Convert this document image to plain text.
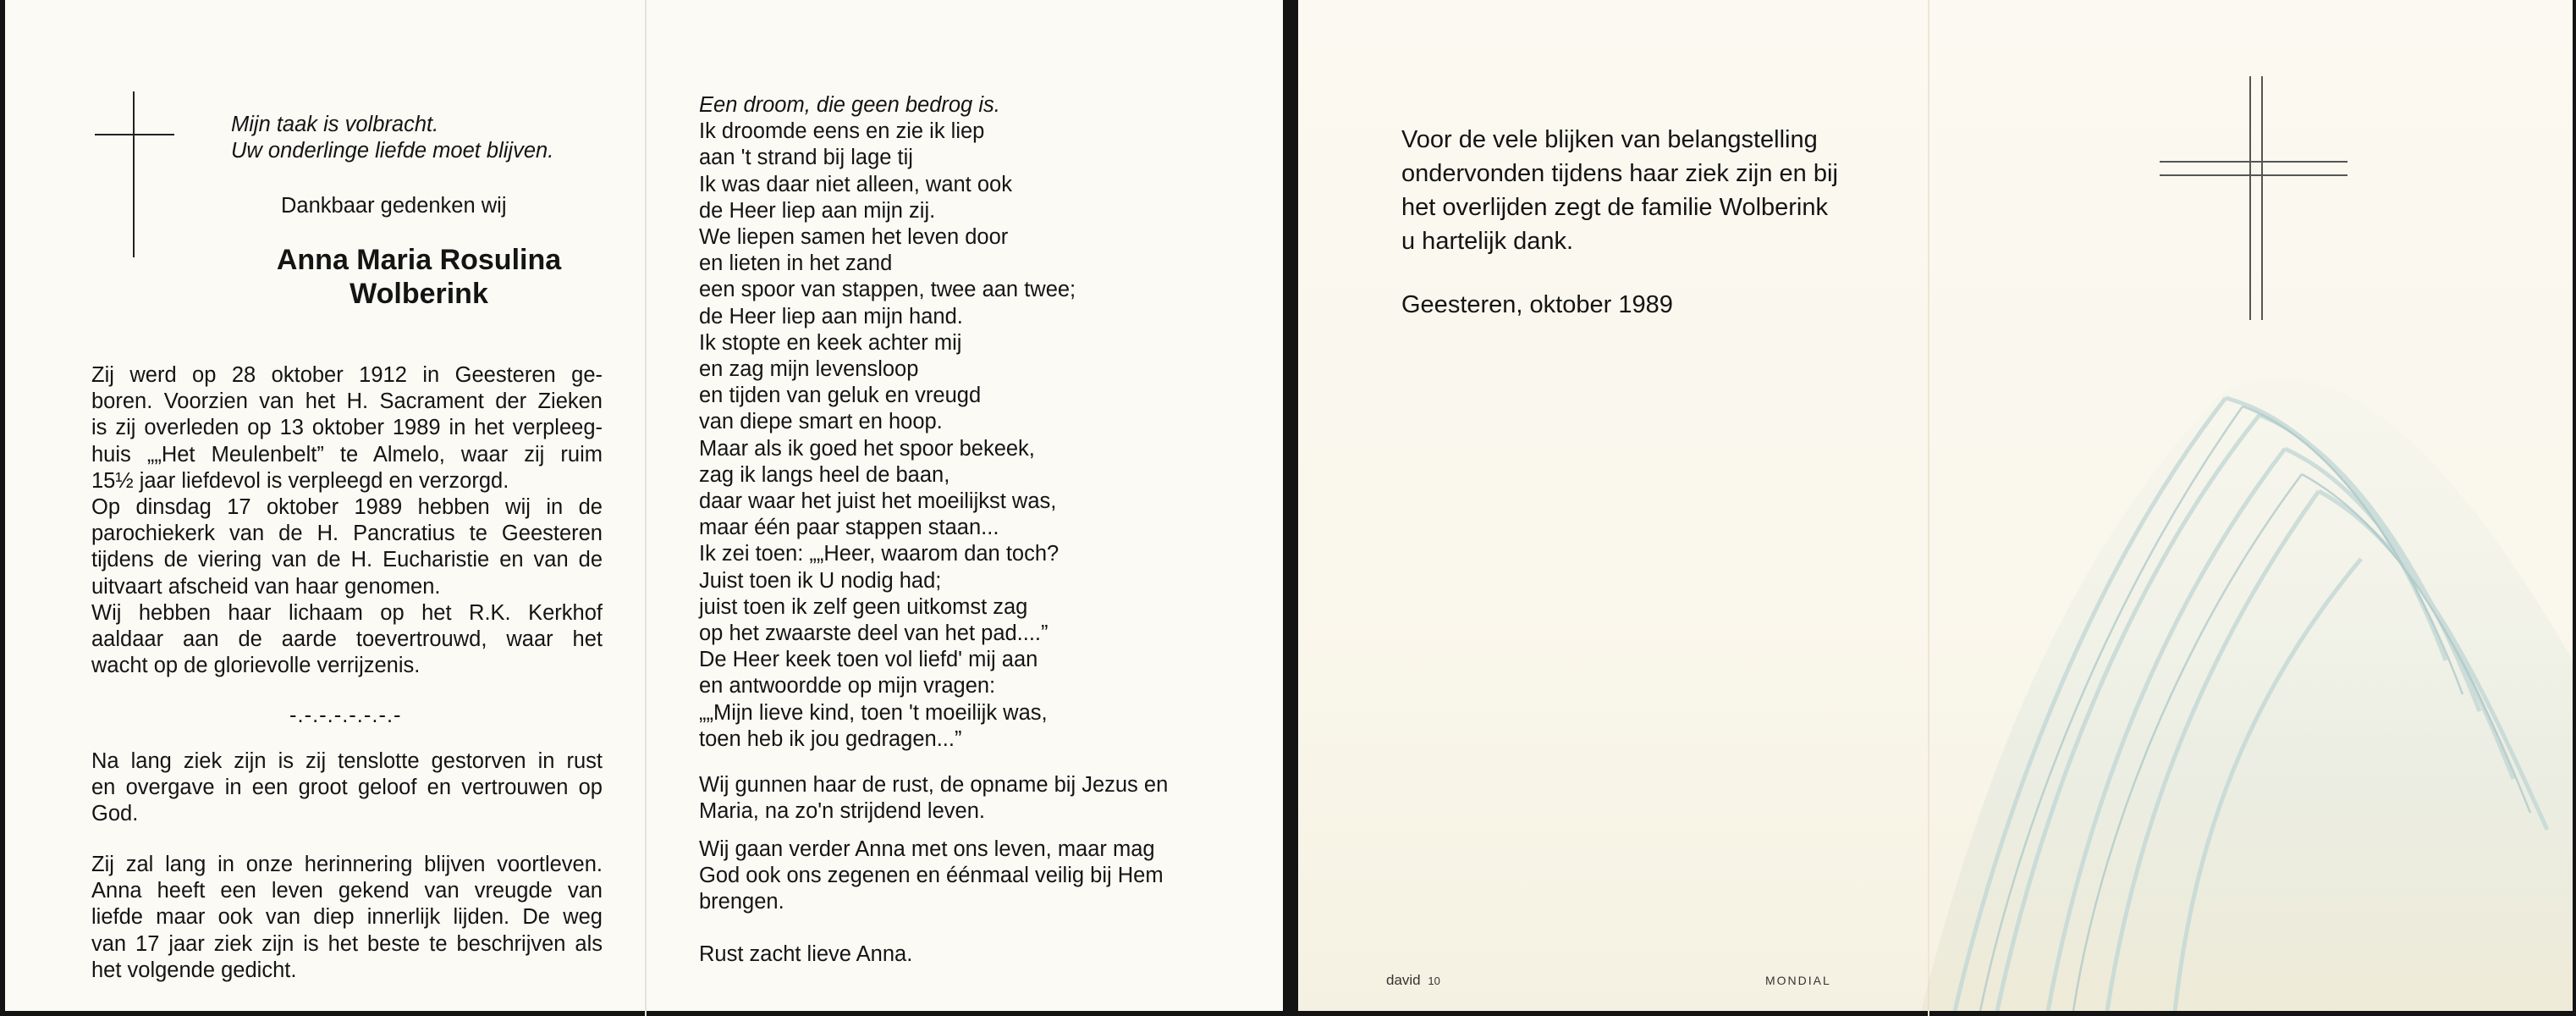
Mijn taak is volbracht.
Uw onderlinge liefde moet blijven.
Dankbaar gedenken wij
Anna Maria Rosulina
Wolberink
Zij werd op 28 oktober 1912 in Geesteren ge-
boren. Voorzien van het H. Sacrament der Zieken
is zij overleden op 13 oktober 1989 in het verpleeg-
huis „„Het Meulenbelt” te Almelo, waar zij ruim
15½ jaar liefdevol is verpleegd en verzorgd.
Op dinsdag 17 oktober 1989 hebben wij in de
parochiekerk van de H. Pancratius te Geesteren
tijdens de viering van de H. Eucharistie en van de
uitvaart afscheid van haar genomen.
Wij hebben haar lichaam op het R.K. Kerkhof
aaldaar aan de aarde toevertrouwd, waar het
wacht op de glorievolle verrijzenis.
-.-.-.-.-.-.-.-
Na lang ziek zijn is zij tenslotte gestorven in rust
en overgave in een groot geloof en vertrouwen op
God.
Zij zal lang in onze herinnering blijven voortleven.
Anna heeft een leven gekend van vreugde van
liefde maar ook van diep innerlijk lijden. De weg
van 17 jaar ziek zijn is het beste te beschrijven als
het volgende gedicht.
Een droom, die geen bedrog is.
Ik droomde eens en zie ik liep
aan 't strand bij lage tij
Ik was daar niet alleen, want ook
de Heer liep aan mijn zij.
We liepen samen het leven door
en lieten in het zand
een spoor van stappen, twee aan twee;
de Heer liep aan mijn hand.
Ik stopte en keek achter mij
en zag mijn levensloop
en tijden van geluk en vreugd
van diepe smart en hoop.
Maar als ik goed het spoor bekeek,
zag ik langs heel de baan,
daar waar het juist het moeilijkst was,
maar één paar stappen staan...
Ik zei toen: „„Heer, waarom dan toch?
Juist toen ik U nodig had;
juist toen ik zelf geen uitkomst zag
op het zwaarste deel van het pad....”
De Heer keek toen vol liefd' mij aan
en antwoordde op mijn vragen:
„„Mijn lieve kind, toen 't moeilijk was,
toen heb ik jou gedragen...”
Wij gunnen haar de rust, de opname bij Jezus en
Maria, na zo'n strijdend leven.
Wij gaan verder Anna met ons leven, maar mag
God ook ons zegenen en éénmaal veilig bij Hem
brengen.
Rust zacht lieve Anna.
Voor de vele blijken van belangstelling
ondervonden tijdens haar ziek zijn en bij
het overlijden zegt de familie Wolberink
u hartelijk dank.
Geesteren, oktober 1989
david 10	MONDIAL
